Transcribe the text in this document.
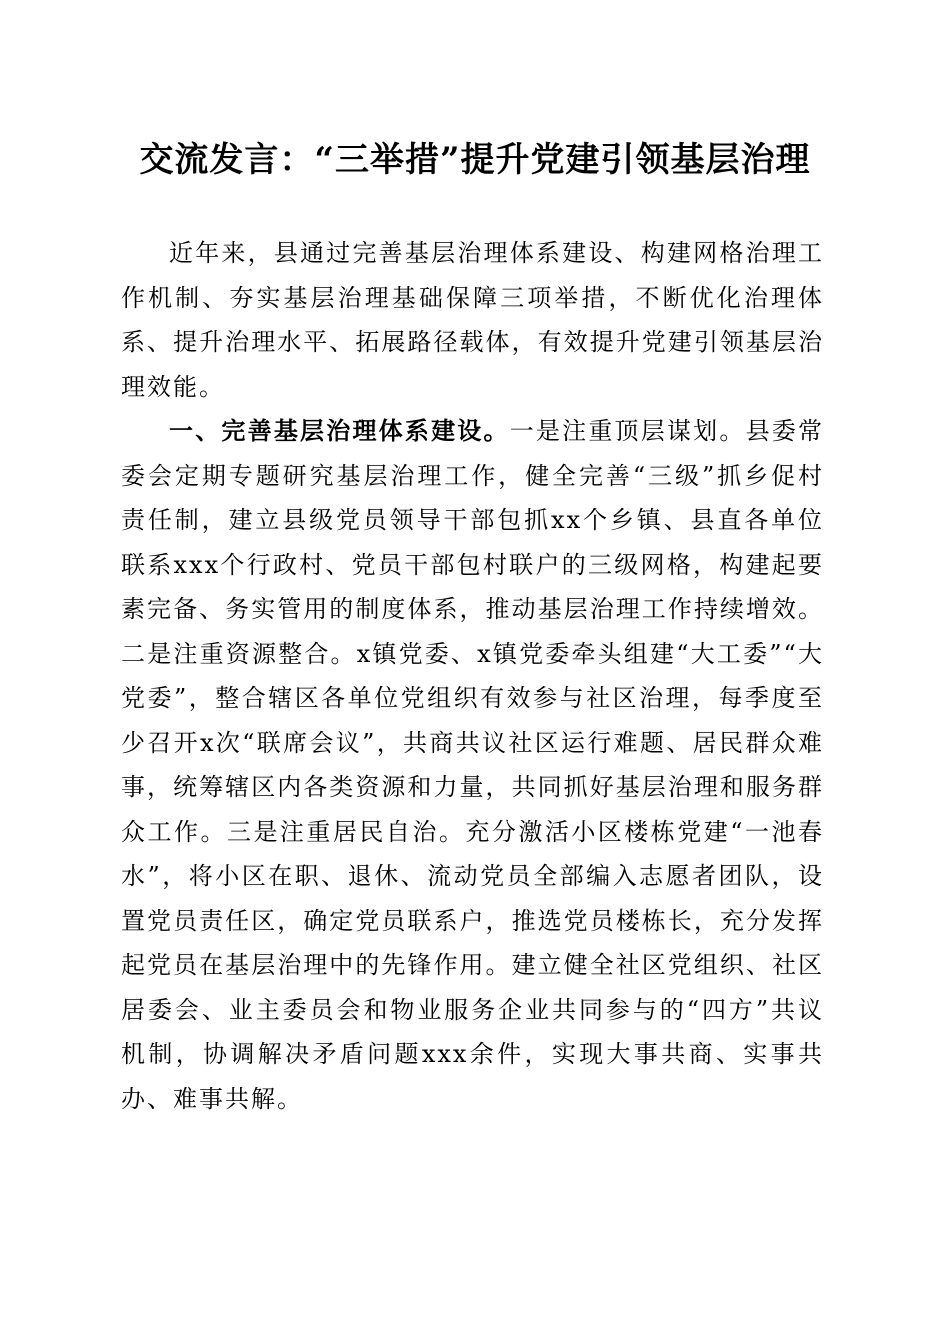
交流发言：“三举措”提升党建引领基层治理

近年来，县通过完善基层治理体系建设、构建网格治理工作机制、夯实基层治理基础保障三项举措，不断优化治理体系、提升治理水平、拓展路径载体，有效提升党建引领基层治理效能。

一、完善基层治理体系建设。一是注重顶层谋划。县委常委会定期专题研究基层治理工作，健全完善“三级”抓乡促村责任制，建立县级党员领导干部包抓xx个乡镇、县直各单位联系xxx个行政村、党员干部包村联户的三级网格，构建起要素完备、务实管用的制度体系，推动基层治理工作持续增效。二是注重资源整合。x镇党委、x镇党委牵头组建“大工委”“大党委”，整合辖区各单位党组织有效参与社区治理，每季度至少召开x次“联席会议”，共商共议社区运行难题、居民群众难事，统筹辖区内各类资源和力量，共同抓好基层治理和服务群众工作。三是注重居民自治。充分激活小区楼栋党建“一池春水”，将小区在职、退休、流动党员全部编入志愿者团队，设置党员责任区，确定党员联系户，推选党员楼栋长，充分发挥起党员在基层治理中的先锋作用。建立健全社区党组织、社区居委会、业主委员会和物业服务企业共同参与的“四方”共议机制，协调解决矛盾问题xxx余件，实现大事共商、实事共办、难事共解。
